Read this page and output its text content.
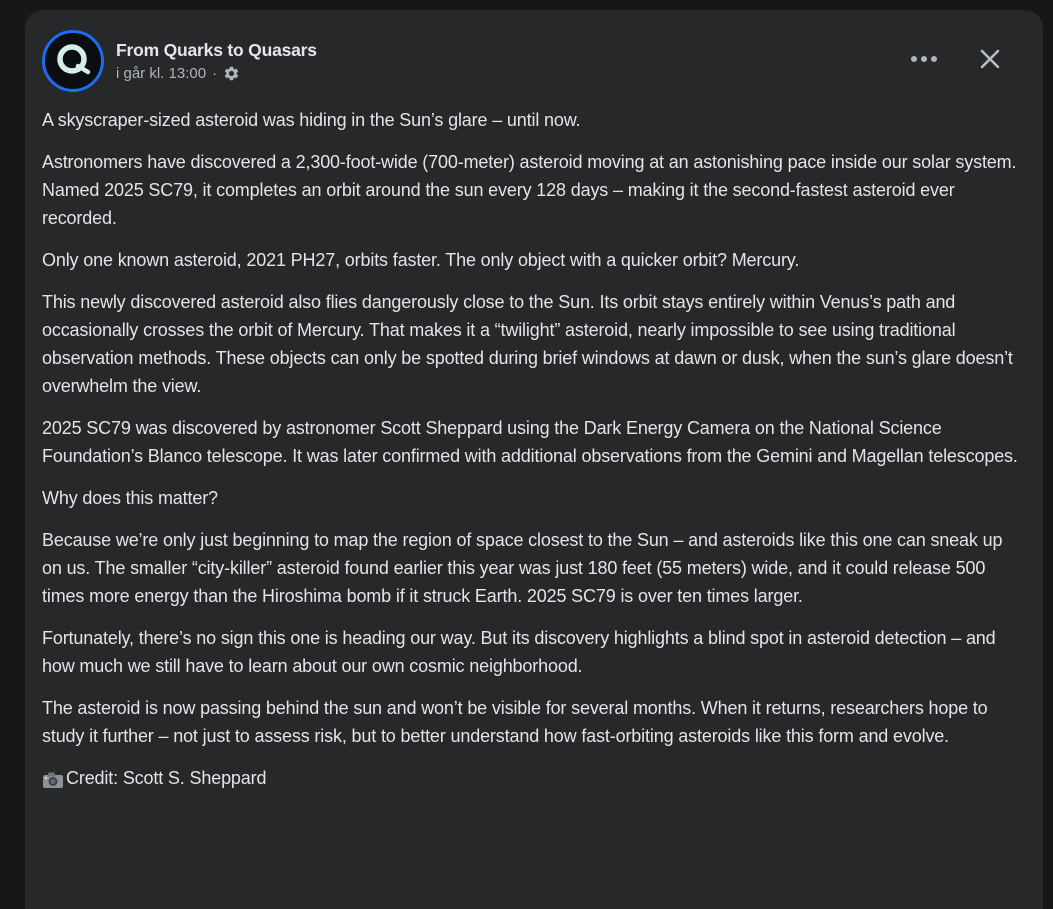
From Quarks to Quasars
i går kl. 13:00 ·

A skyscraper-sized asteroid was hiding in the Sun’s glare – until now.

Astronomers have discovered a 2,300-foot-wide (700-meter) asteroid moving at an astonishing pace inside our solar system. Named 2025 SC79, it completes an orbit around the sun every 128 days – making it the second-fastest asteroid ever recorded.

Only one known asteroid, 2021 PH27, orbits faster. The only object with a quicker orbit? Mercury.

This newly discovered asteroid also flies dangerously close to the Sun. Its orbit stays entirely within Venus’s path and occasionally crosses the orbit of Mercury. That makes it a “twilight” asteroid, nearly impossible to see using traditional observation methods. These objects can only be spotted during brief windows at dawn or dusk, when the sun’s glare doesn’t overwhelm the view.

2025 SC79 was discovered by astronomer Scott Sheppard using the Dark Energy Camera on the National Science Foundation’s Blanco telescope. It was later confirmed with additional observations from the Gemini and Magellan telescopes.

Why does this matter?

Because we’re only just beginning to map the region of space closest to the Sun – and asteroids like this one can sneak up on us. The smaller “city-killer” asteroid found earlier this year was just 180 feet (55 meters) wide, and it could release 500 times more energy than the Hiroshima bomb if it struck Earth. 2025 SC79 is over ten times larger.

Fortunately, there’s no sign this one is heading our way. But its discovery highlights a blind spot in asteroid detection – and how much we still have to learn about our own cosmic neighborhood.

The asteroid is now passing behind the sun and won’t be visible for several months. When it returns, researchers hope to study it further – not just to assess risk, but to better understand how fast-orbiting asteroids like this form and evolve.

Credit: Scott S. Sheppard
